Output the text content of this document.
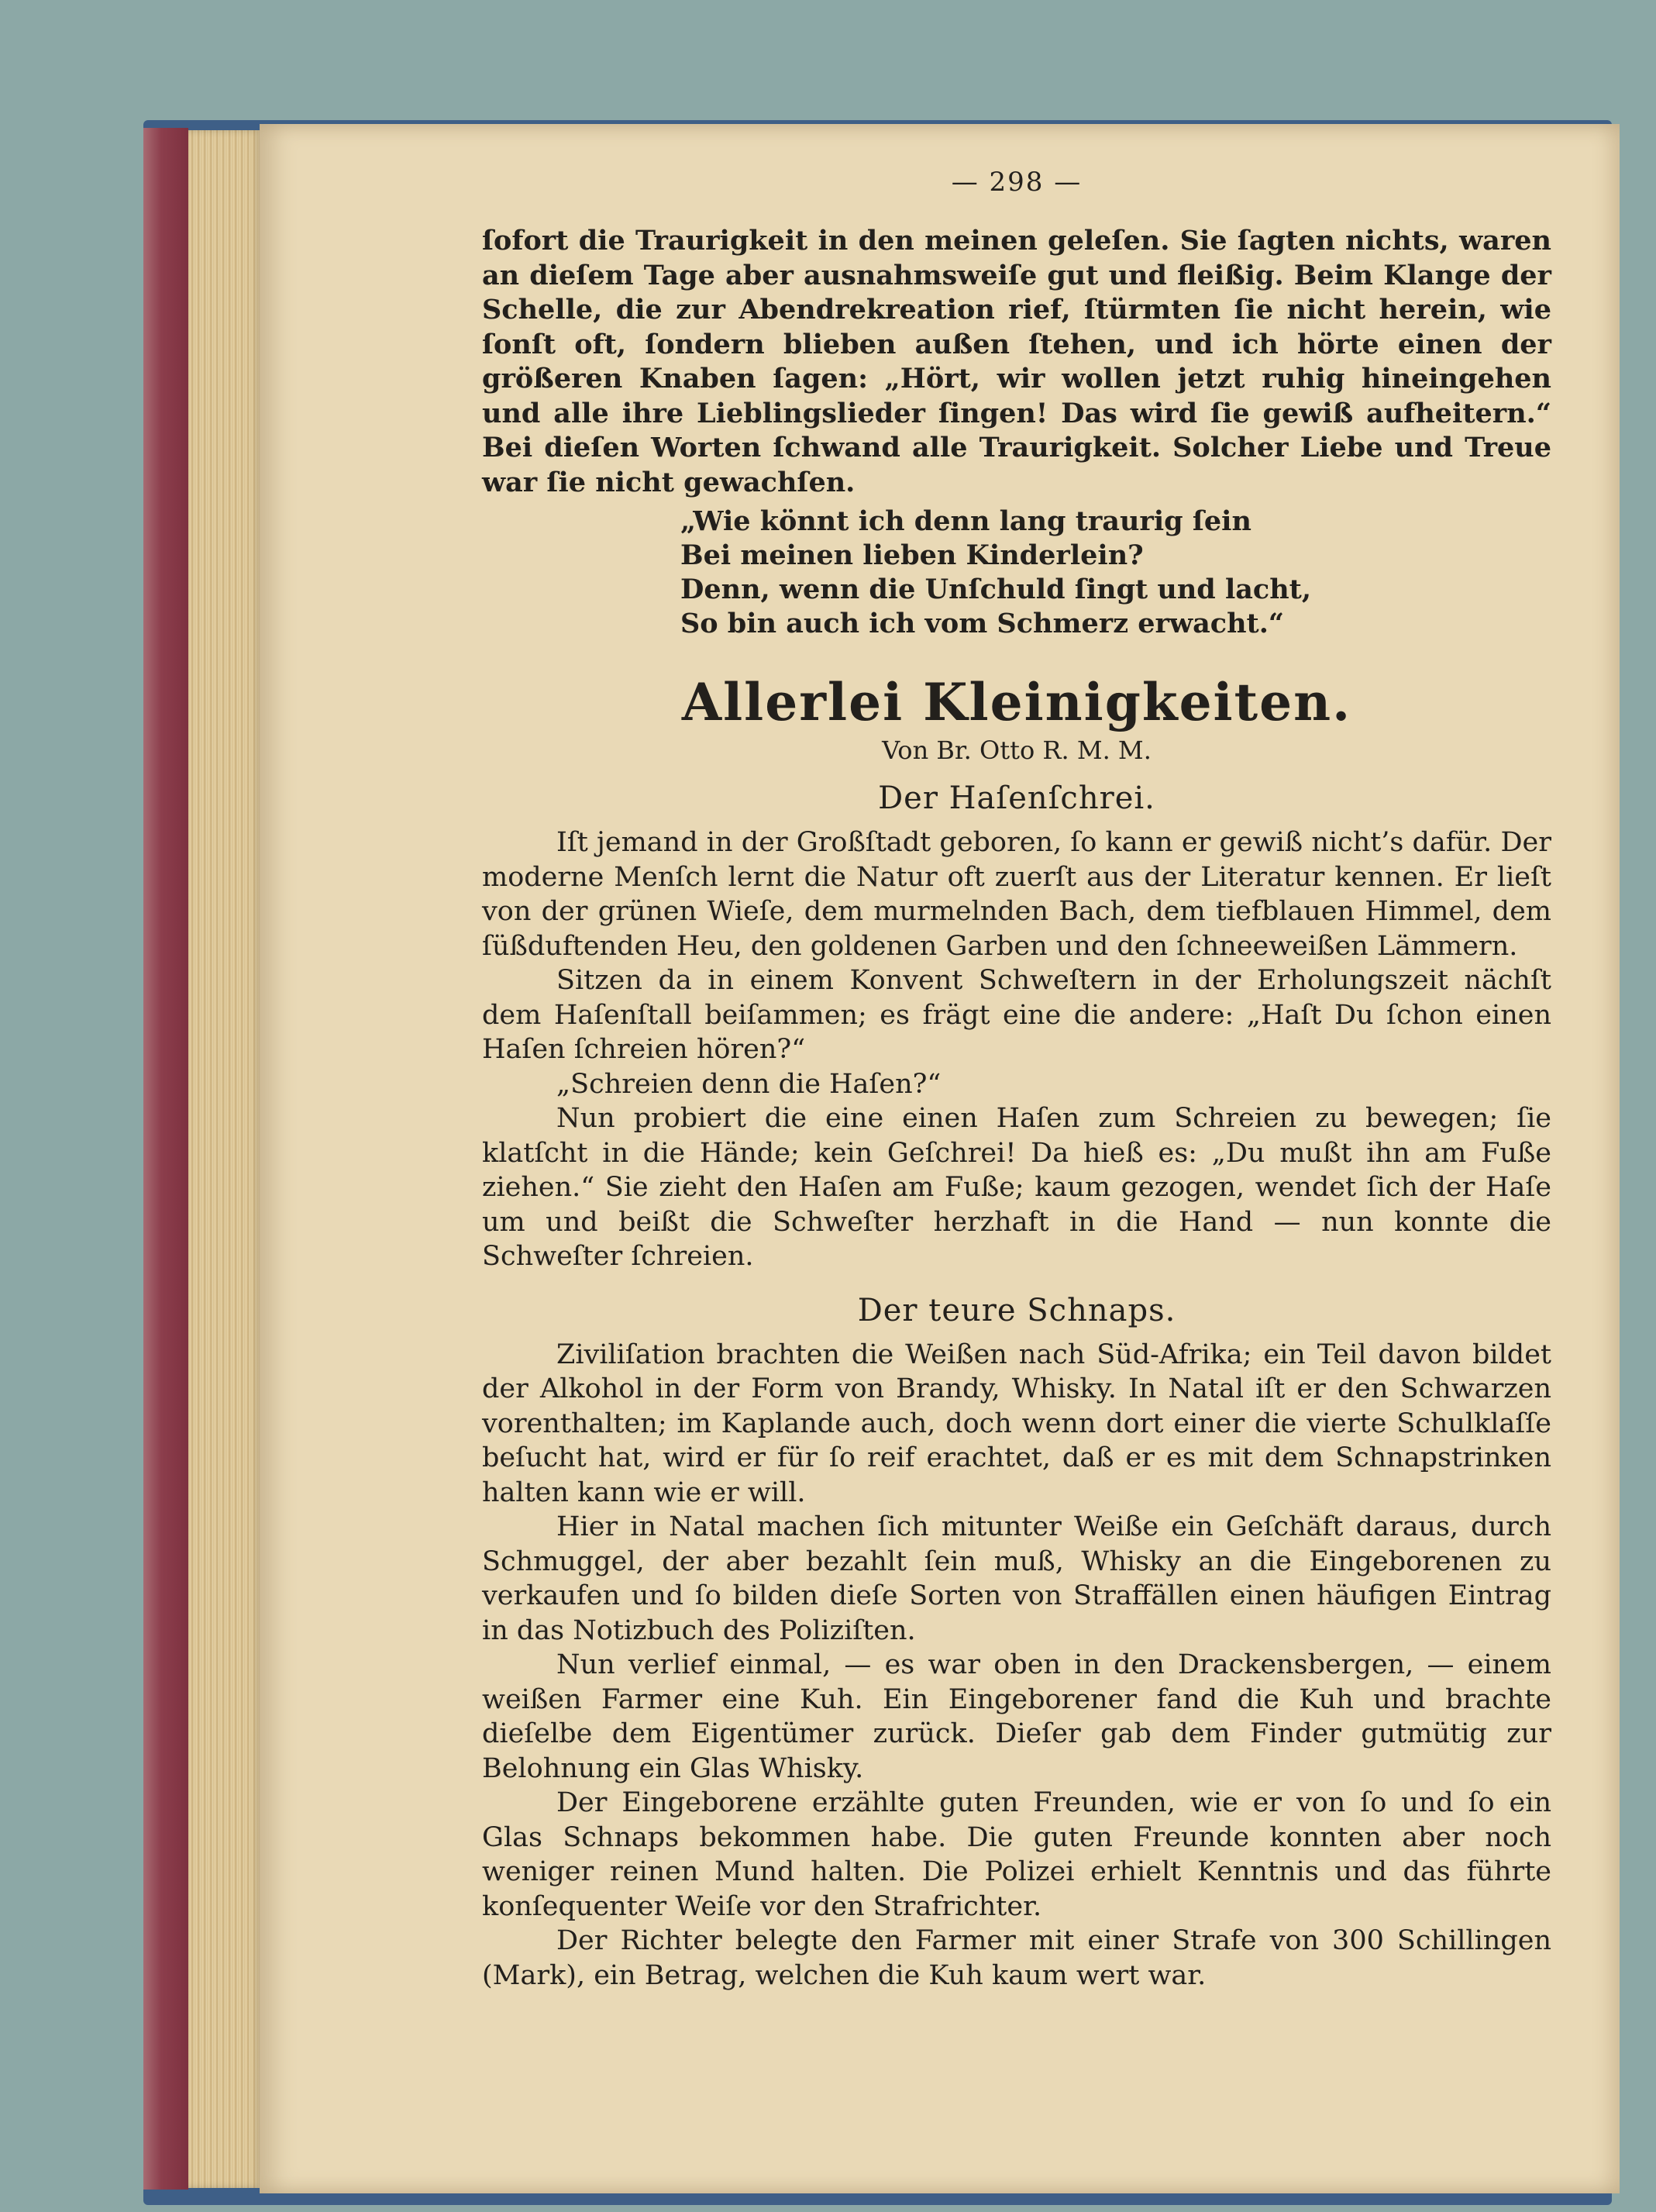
— 298 —

ſofort die Traurigkeit in den meinen geleſen. Sie ſagten nichts, waren an dieſem Tage aber ausnahmsweiſe gut und fleißig. Beim Klange der Schelle, die zur Abendrekreation rief, ſtürmten ſie nicht herein, wie ſonſt oft, ſondern blieben außen ſtehen, und ich hörte einen der größeren Knaben ſagen: „Hört, wir wollen jetzt ruhig hineingehen und alle ihre Lieblingslieder ſingen! Das wird ſie gewiß aufheitern.“ Bei dieſen Worten ſchwand alle Traurigkeit. Solcher Liebe und Treue war ſie nicht gewachſen.

„Wie könnt ich denn lang traurig ſein
Bei meinen lieben Kinderlein?
Denn, wenn die Unſchuld ſingt und lacht,
So bin auch ich vom Schmerz erwacht.“
Allerlei Kleinigkeiten.
Von Br. Otto R. M. M.
Der Haſenſchrei.

Iſt jemand in der Großſtadt geboren, ſo kann er gewiß nicht’s dafür. Der moderne Menſch lernt die Natur oft zuerſt aus der Literatur kennen. Er lieſt von der grünen Wieſe, dem murmelnden Bach, dem tiefblauen Himmel, dem ſüßduftenden Heu, den goldenen Garben und den ſchneeweißen Lämmern.

Sitzen da in einem Konvent Schweſtern in der Erholungszeit nächſt dem Haſenſtall beiſammen; es frägt eine die andere: „Haſt Du ſchon einen Haſen ſchreien hören?“

„Schreien denn die Haſen?“

Nun probiert die eine einen Haſen zum Schreien zu bewegen; ſie klatſcht in die Hände; kein Geſchrei! Da hieß es: „Du mußt ihn am Fuße ziehen.“ Sie zieht den Haſen am Fuße; kaum gezogen, wendet ſich der Haſe um und beißt die Schweſter herzhaft in die Hand — nun konnte die Schweſter ſchreien.

Der teure Schnaps.

Ziviliſation brachten die Weißen nach Süd-Afrika; ein Teil davon bildet der Alkohol in der Form von Brandy, Whisky. In Natal iſt er den Schwarzen vorenthalten; im Kaplande auch, doch wenn dort einer die vierte Schulklaſſe beſucht hat, wird er für ſo reif erachtet, daß er es mit dem Schnapstrinken halten kann wie er will.

Hier in Natal machen ſich mitunter Weiße ein Geſchäft daraus, durch Schmuggel, der aber bezahlt ſein muß, Whisky an die Eingeborenen zu verkaufen und ſo bilden dieſe Sorten von Straffällen einen häufigen Eintrag in das Notizbuch des Poliziſten.

Nun verlief einmal, — es war oben in den Drackensbergen, — einem weißen Farmer eine Kuh. Ein Eingeborener fand die Kuh und brachte dieſelbe dem Eigentümer zurück. Dieſer gab dem Finder gutmütig zur Belohnung ein Glas Whisky.

Der Eingeborene erzählte guten Freunden, wie er von ſo und ſo ein Glas Schnaps bekommen habe. Die guten Freunde konnten aber noch weniger reinen Mund halten. Die Polizei erhielt Kenntnis und das führte konſequenter Weiſe vor den Strafrichter.

Der Richter belegte den Farmer mit einer Strafe von 300 Schillingen (Mark), ein Betrag, welchen die Kuh kaum wert war.
